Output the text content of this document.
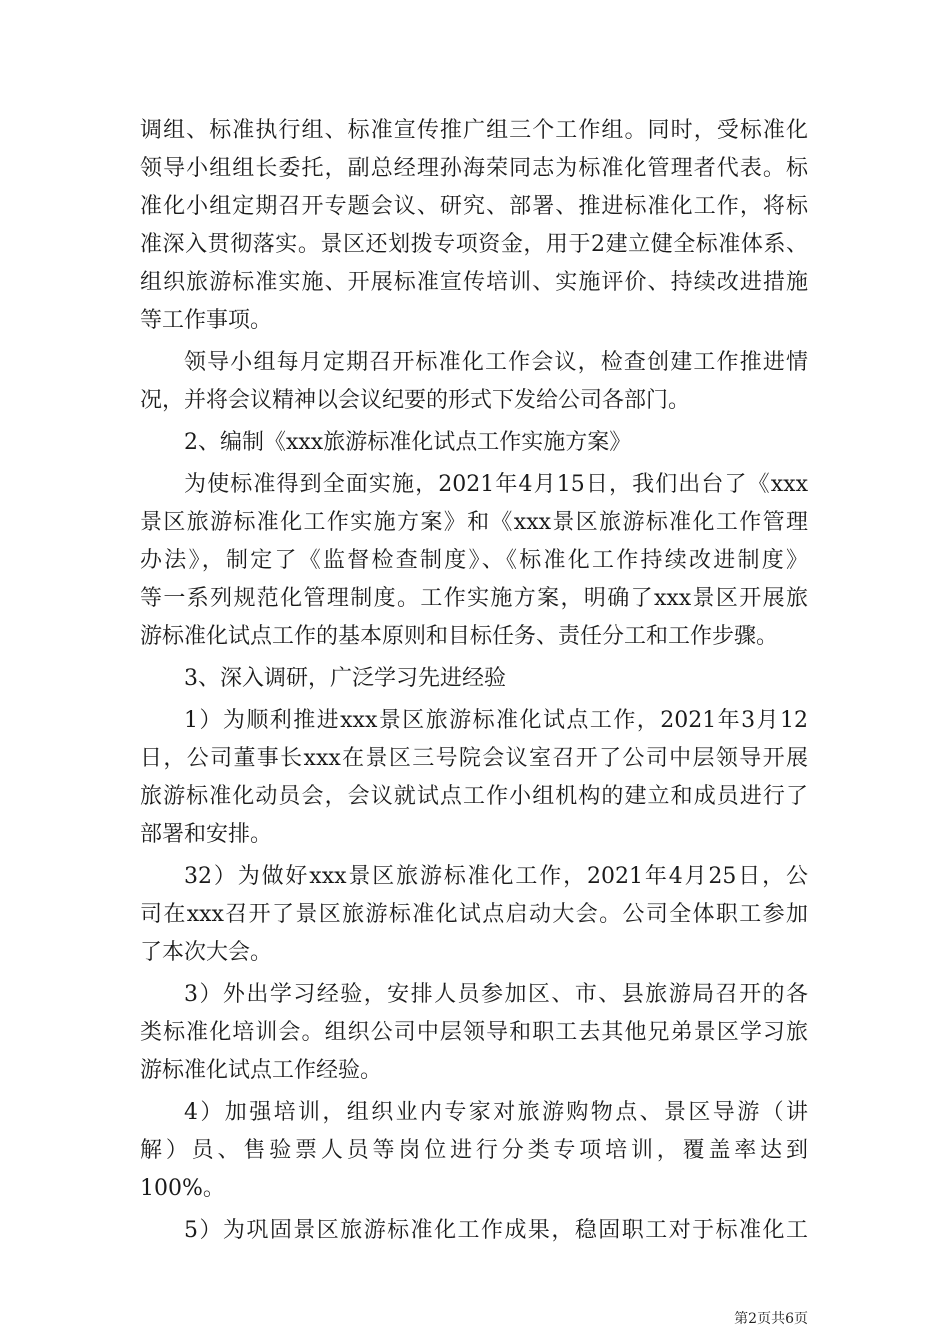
调组、标准执行组、标准宣传推广组三个工作组。同时，受标准化
领导小组组长委托，副总经理孙海荣同志为标准化管理者代表。标
准化小组定期召开专题会议、研究、部署、推进标准化工作，将标
准深入贯彻落实。景区还划拨专项资金，用于2建立健全标准体系、
组织旅游标准实施、开展标准宣传培训、实施评价、持续改进措施
等工作事项。
领导小组每月定期召开标准化工作会议，检查创建工作推进情
况，并将会议精神以会议纪要的形式下发给公司各部门。
2、编制《xxx旅游标准化试点工作实施方案》
为使标准得到全面实施，2021年4月15日，我们出台了《xxx
景区旅游标准化工作实施方案》和《xxx景区旅游标准化工作管理
办法》，制定了《监督检查制度》、《标准化工作持续改进制度》
等一系列规范化管理制度。工作实施方案，明确了xxx景区开展旅
游标准化试点工作的基本原则和目标任务、责任分工和工作步骤。
3、深入调研，广泛学习先进经验
1）为顺利推进xxx景区旅游标准化试点工作，2021年3月12
日，公司董事长xxx在景区三号院会议室召开了公司中层领导开展
旅游标准化动员会，会议就试点工作小组机构的建立和成员进行了
部署和安排。
32）为做好xxx景区旅游标准化工作，2021年4月25日，公
司在xxx召开了景区旅游标准化试点启动大会。公司全体职工参加
了本次大会。
3）外出学习经验，安排人员参加区、市、县旅游局召开的各
类标准化培训会。组织公司中层领导和职工去其他兄弟景区学习旅
游标准化试点工作经验。
4）加强培训，组织业内专家对旅游购物点、景区导游（讲
解）员、售验票人员等岗位进行分类专项培训，覆盖率达到
100%。
5）为巩固景区旅游标准化工作成果，稳固职工对于标准化工
第2页共6页
